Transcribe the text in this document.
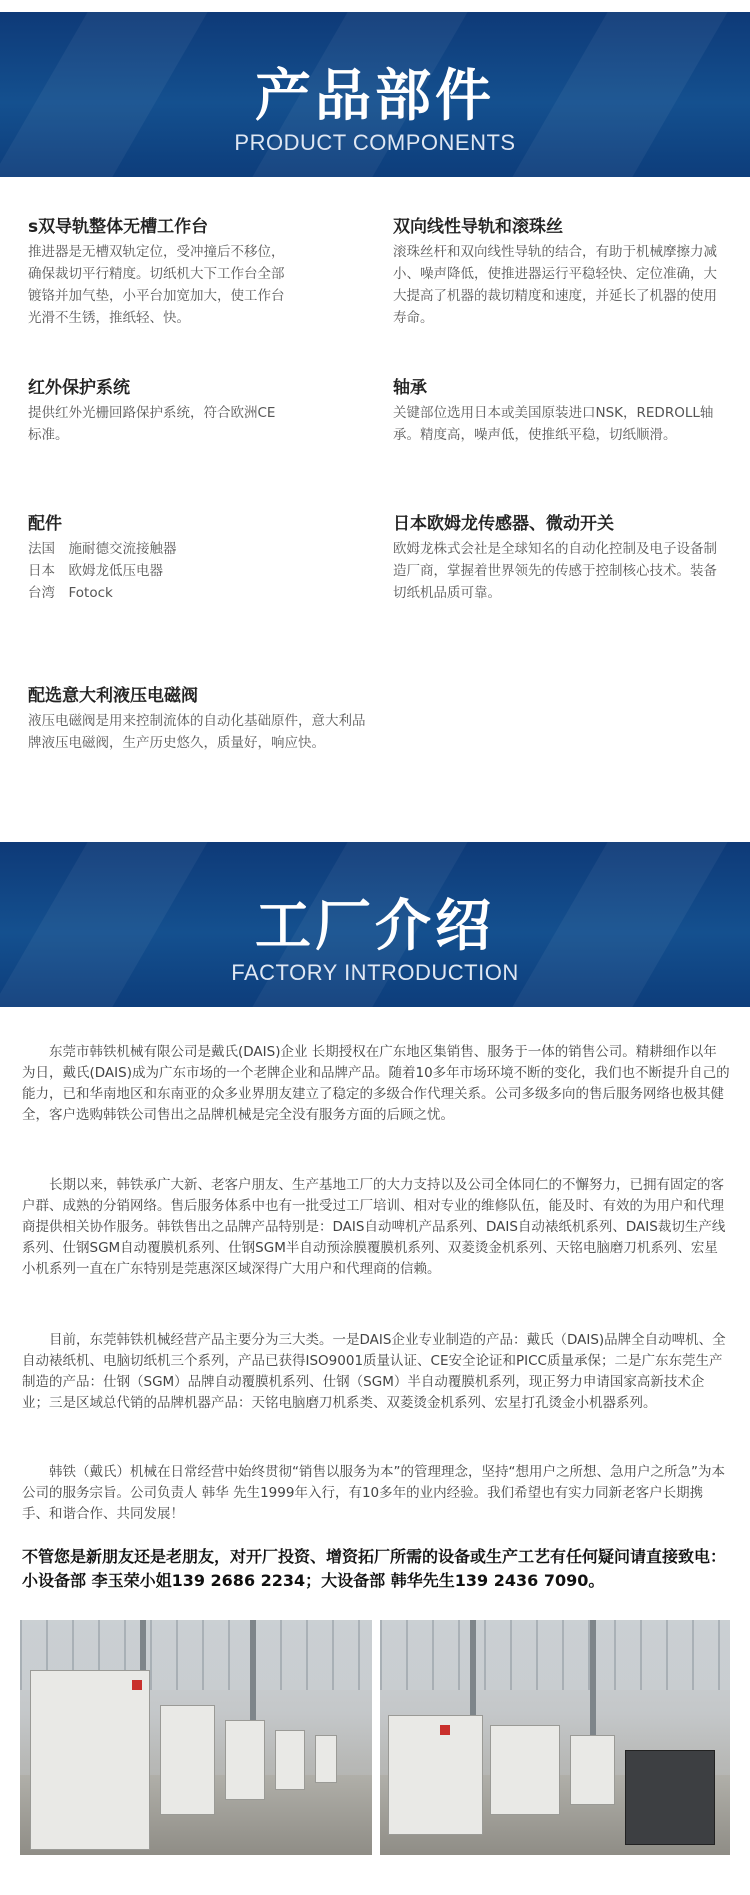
产品部件
PRODUCT COMPONENTS
s双导轨整体无槽工作台
推进器是无槽双轨定位，受冲撞后不移位，确保裁切平行精度。切纸机大下工作台全部镀铬并加气垫，小平台加宽加大，使工作台光滑不生锈，推纸轻、快。
双向线性导轨和滚珠丝
滚珠丝杆和双向线性导轨的结合，有助于机械摩擦力减小、噪声降低，使推进器运行平稳轻快、定位准确，大大提高了机器的裁切精度和速度，并延长了机器的使用寿命。
红外保护系统
提供红外光栅回路保护系统，符合欧洲CE标准。
轴承
关键部位选用日本或美国原装进口NSK，REDROLL轴承。精度高，噪声低，使推纸平稳，切纸顺滑。
配件
法国　施耐德交流接触器
日本　欧姆龙低压电器
台湾　Fotock
日本欧姆龙传感器、微动开关
欧姆龙株式会社是全球知名的自动化控制及电子设备制造厂商，掌握着世界领先的传感于控制核心技术。装备切纸机品质可靠。
配选意大利液压电磁阀
液压电磁阀是用来控制流体的自动化基础原件，意大利品牌液压电磁阀，生产历史悠久，质量好，响应快。
工厂介绍
FACTORY INTRODUCTION

东莞市韩铁机械有限公司是戴氏(DAIS)企业 长期授权在广东地区集销售、服务于一体的销售公司。精耕细作以年为日，戴氏(DAIS)成为广东市场的一个老牌企业和品牌产品。随着10多年市场环境不断的变化，我们也不断提升自己的能力，已和华南地区和东南亚的众多业界朋友建立了稳定的多级合作代理关系。公司多级多向的售后服务网络也极其健全，客户选购韩铁公司售出之品牌机械是完全没有服务方面的后顾之忧。

长期以来，韩铁承广大新、老客户朋友、生产基地工厂的大力支持以及公司全体同仁的不懈努力，已拥有固定的客户群、成熟的分销网络。售后服务体系中也有一批受过工厂培训、相对专业的维修队伍，能及时、有效的为用户和代理商提供相关协作服务。韩铁售出之品牌产品特别是：DAIS自动啤机产品系列、DAIS自动裱纸机系列、DAIS裁切生产线系列、仕钢SGM自动覆膜机系列、仕钢SGM半自动预涂膜覆膜机系列、双菱烫金机系列、天铭电脑磨刀机系列、宏星小机系列一直在广东特别是莞惠深区域深得广大用户和代理商的信赖。

目前，东莞韩铁机械经营产品主要分为三大类。一是DAIS企业专业制造的产品：戴氏（DAIS)品牌全自动啤机、全自动裱纸机、电脑切纸机三个系列，产品已获得ISO9001质量认证、CE安全论证和PICC质量承保；二是广东东莞生产制造的产品：仕钢（SGM）品牌自动覆膜机系列、仕钢（SGM）半自动覆膜机系列，现正努力申请国家高新技术企业；三是区域总代销的品牌机器产品：天铭电脑磨刀机系类、双菱烫金机系列、宏星打孔烫金小机器系列。

韩铁（戴氏）机械在日常经营中始终贯彻“销售以服务为本”的管理理念，坚持“想用户之所想、急用户之所急”为本公司的服务宗旨。公司负责人 韩华 先生1999年入行，有10多年的业内经验。我们希望也有实力同新老客户长期携手、和谐合作、共同发展！

不管您是新朋友还是老朋友，对开厂投资、增资拓厂所需的设备或生产工艺有任何疑问请直接致电：小设备部 李玉荣小姐139 2686 2234；大设备部 韩华先生139 2436 7090。
